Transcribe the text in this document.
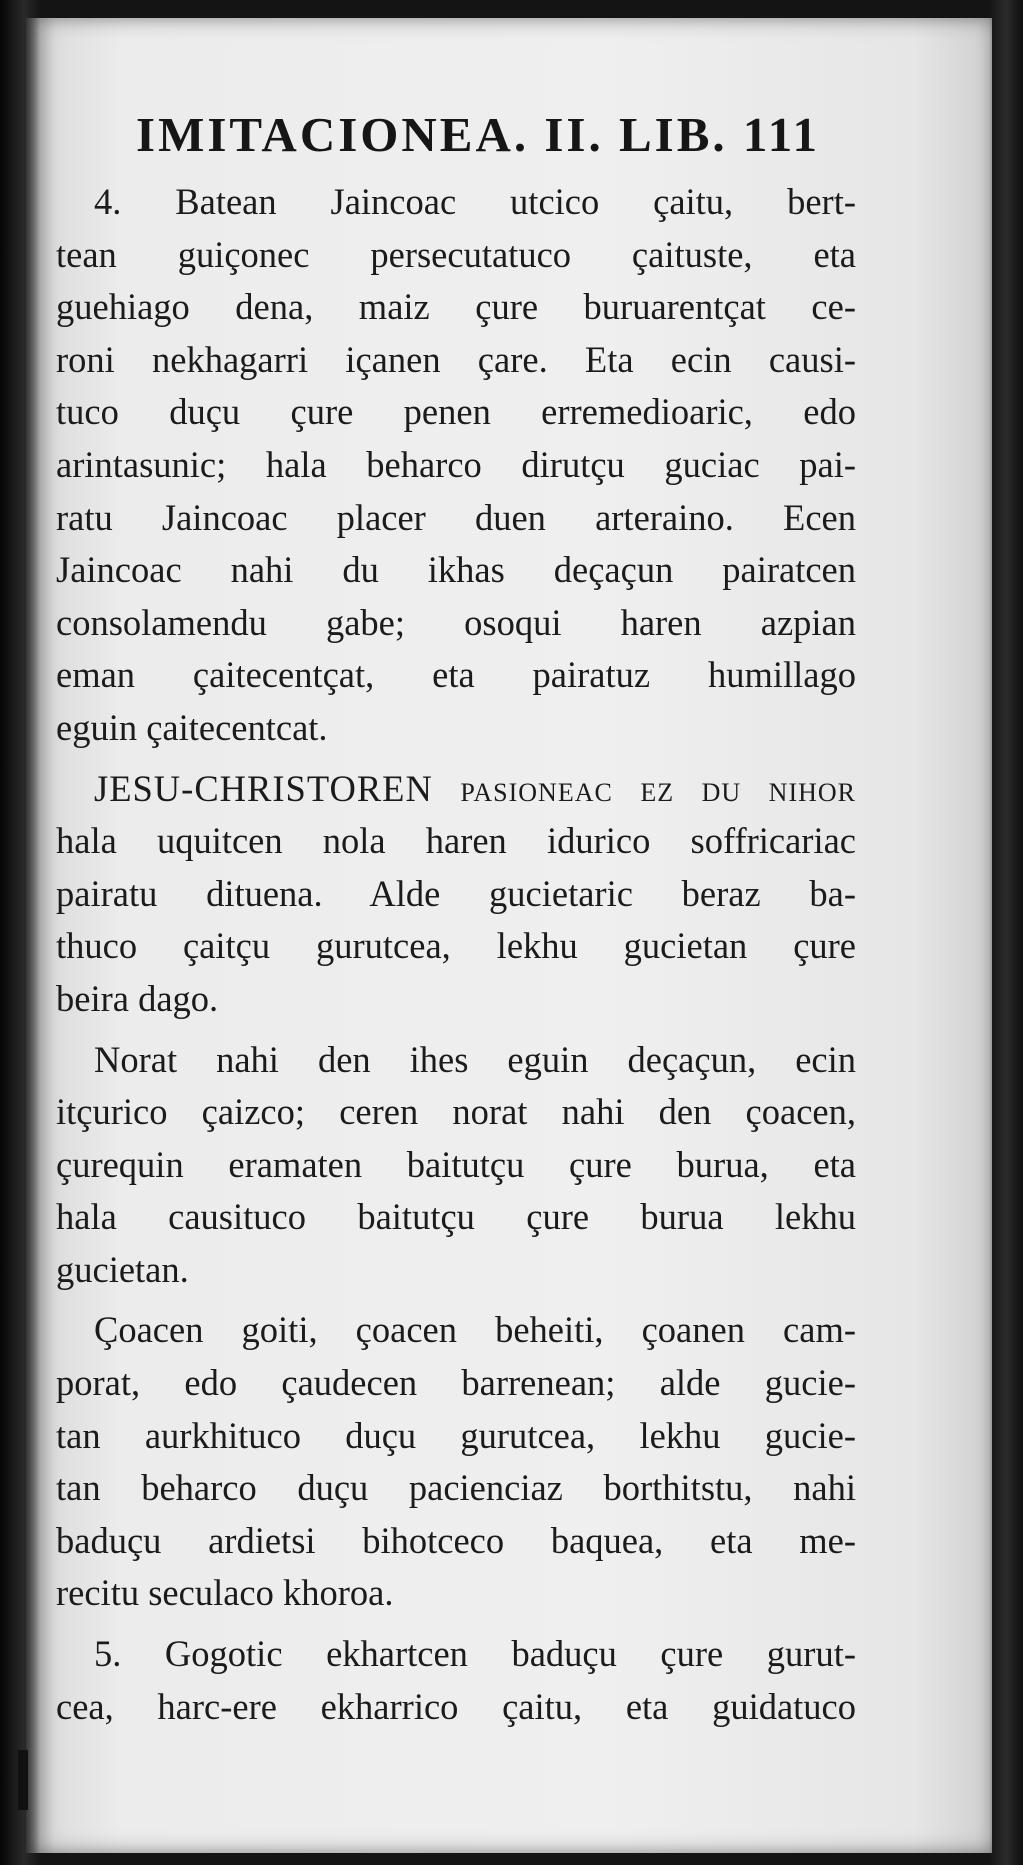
IMITACIONEA. II. LIB. 111
4. Batean Jaincoac utcico çaitu, bert-
tean guiçonec persecutatuco çaituste, eta
guehiago dena, maiz çure buruarentçat ce-
roni nekhagarri içanen çare. Eta ecin causi-
tuco duçu çure penen erremedioaric, edo
arintasunic; hala beharco dirutçu guciac pai-
ratu Jaincoac placer duen arteraino. Ecen
Jaincoac nahi du ikhas deçaçun pairatcen
consolamendu gabe; osoqui haren azpian
eman çaitecentçat, eta pairatuz humillago
eguin çaitecentcat.
JESU-CHRISTOREN pasioneac ez du nihor
hala uquitcen nola haren idurico soffricariac
pairatu dituena. Alde gucietaric beraz ba-
thuco çaitçu gurutcea, lekhu gucietan çure
beira dago.
Norat nahi den ihes eguin deçaçun, ecin
itçurico çaizco; ceren norat nahi den çoacen,
çurequin eramaten baitutçu çure burua, eta
hala causituco baitutçu çure burua lekhu
gucietan.
Çoacen goiti, çoacen beheiti, çoanen cam-
porat, edo çaudecen barrenean; alde gucie-
tan aurkhituco duçu gurutcea, lekhu gucie-
tan beharco duçu pacienciaz borthitstu, nahi
baduçu ardietsi bihotceco baquea, eta me-
recitu seculaco khoroa.
5. Gogotic ekhartcen baduçu çure gurut-
cea, harc-ere ekharrico çaitu, eta guidatuco
